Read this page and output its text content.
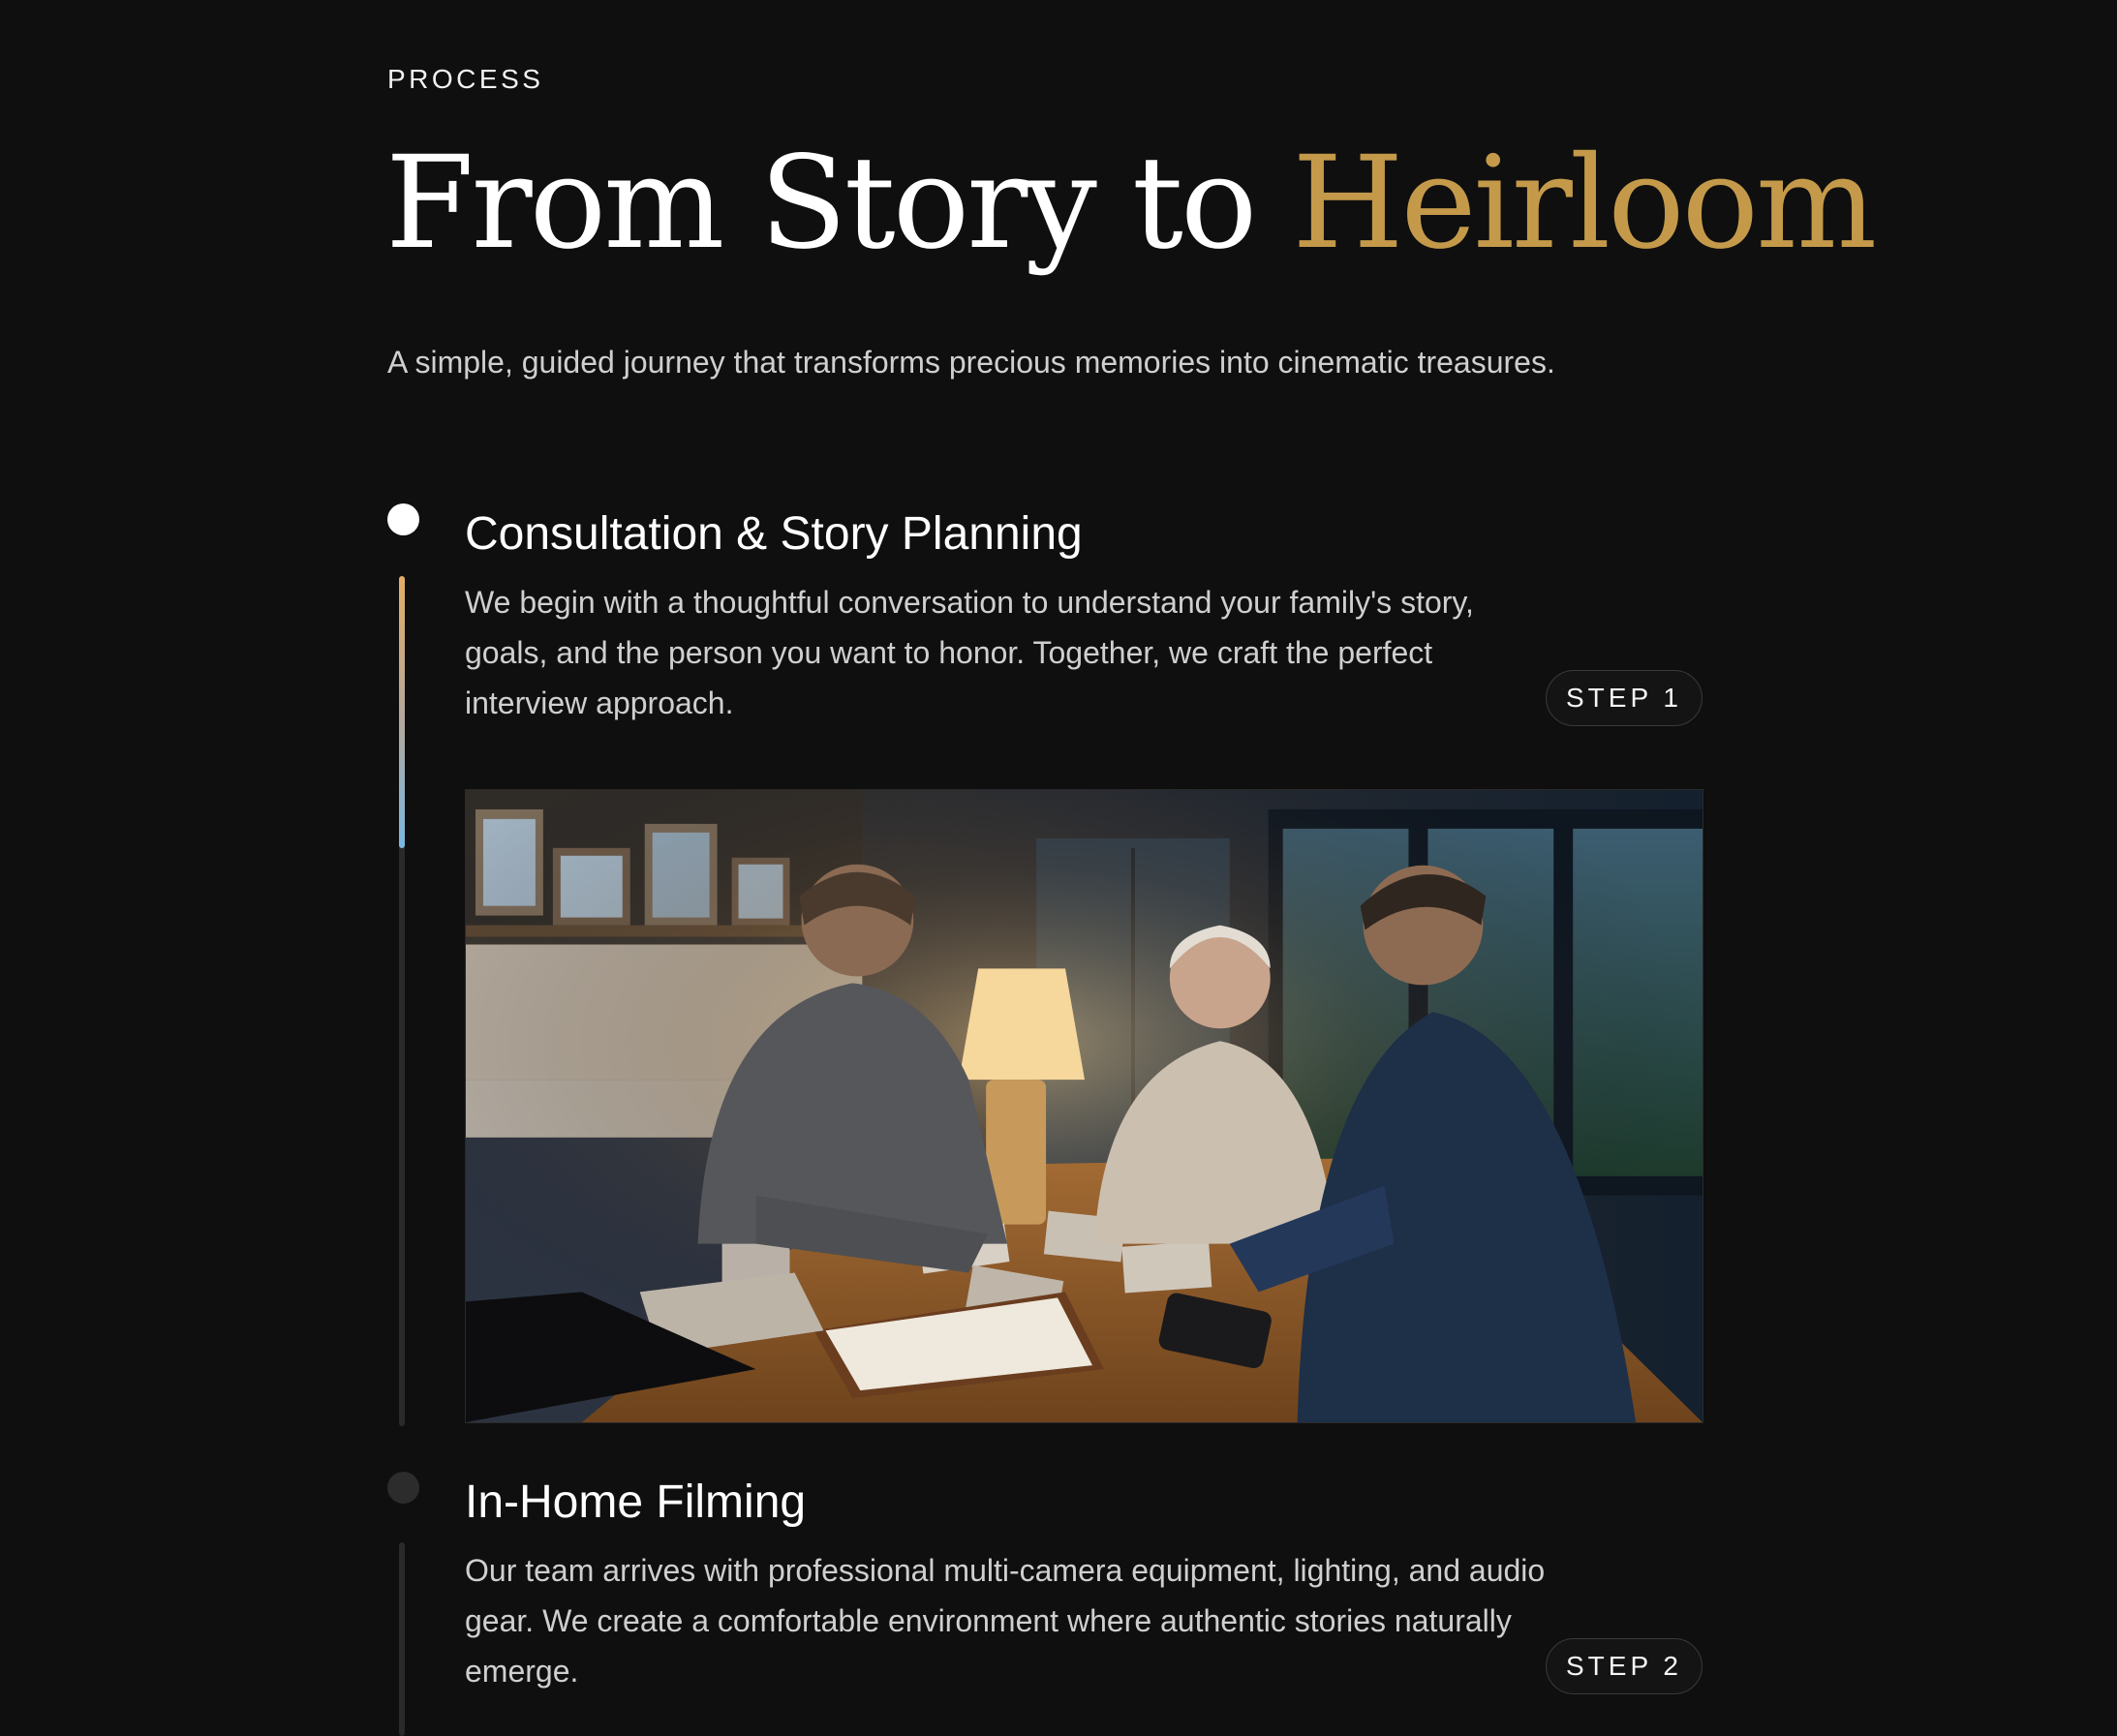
PROCESS
From Story to Heirloom
A simple, guided journey that transforms precious memories into cinematic treasures.
Consultation & Story Planning
We begin with a thoughtful conversation to understand your family's story, goals, and the person you want to honor. Together, we craft the perfect interview approach.	STEP 1
In-Home Filming
Our team arrives with professional multi-camera equipment, lighting, and audio gear. We create a comfortable environment where authentic stories naturally emerge.	STEP 2
